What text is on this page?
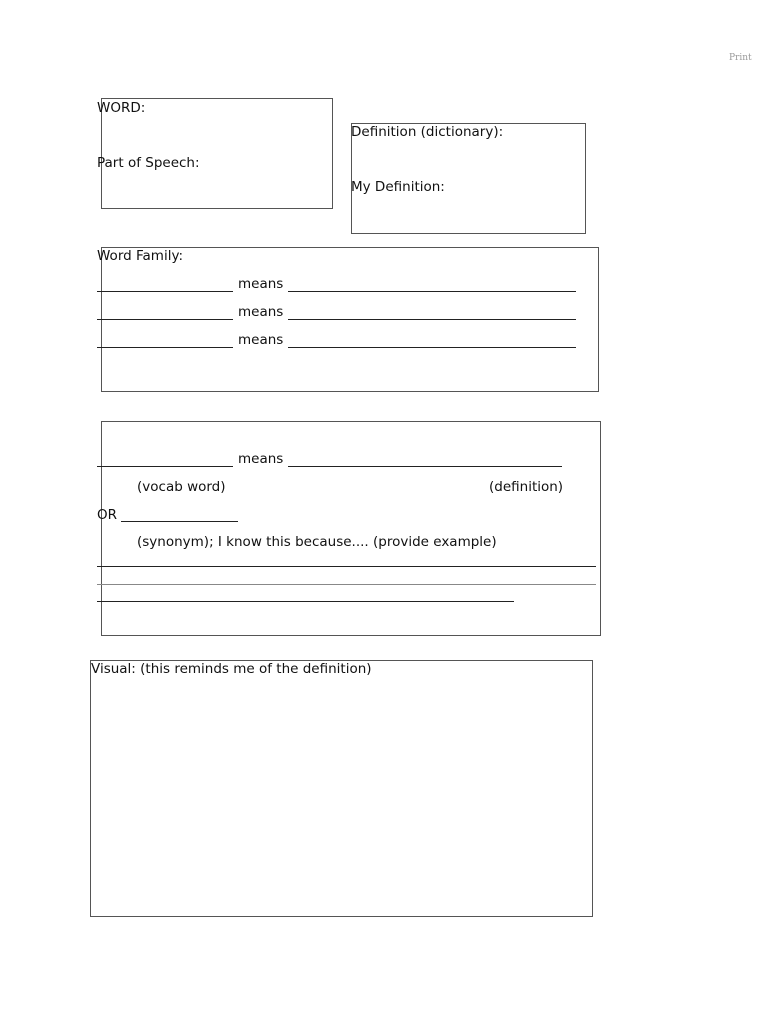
Print
WORD:
Part of Speech:
Definition (dictionary):
My Definition:
Word Family:
means
means
means
means
(vocab word)	(definition)
OR
(synonym); I know this because.... (provide example)
Visual: (this reminds me of the definition)
